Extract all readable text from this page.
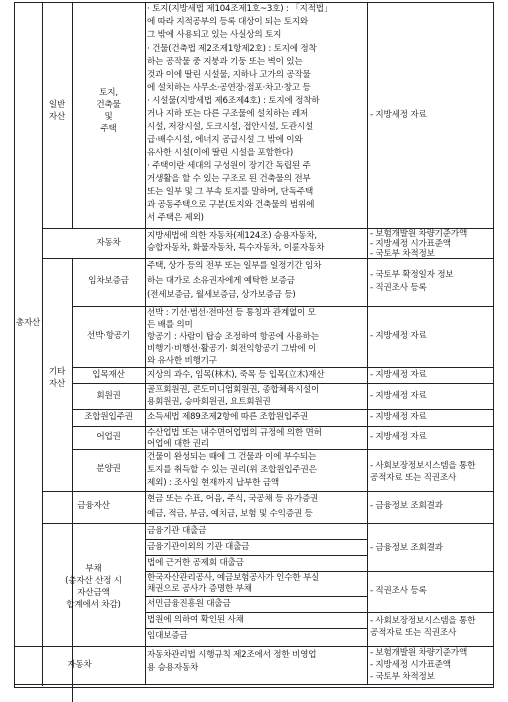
총자산
자동차
일반
자산
기타
자산
토지,
건축물
및
주택
자동차
임차보증금
선박·항공기
입목재산
회원권
조합원입주권
어업권
분양권
금융자산
부채
(총자산 산정 시
자산금액
합계에서 차감)
· 토지(지방세법 제104조제1호~3호) : 「지적법」
에 따라 지적공부의 등록 대상이 되는 토지와
그 밖에 사용되고 있는 사실상의 토지
· 건물(건축법 제2조제1항제2호) : 토지에 정착
하는 공작물 중 지붕과 기둥 또는 벽이 있는
것과 이에 딸린 시설물, 지하나 고가의 공작물
에 설치하는 사무소·공연장·점포·차고·창고 등
· 시설물(지방세법 제6조제4호) : 토지에 정착하
거나 지하 또는 다른 구조물에 설치하는 레저
시설, 저장시설, 도크시설, 접안시설, 도관시설
급·배수시설, 에너지 공급시설 그 밖에 이와
유사한 시설(이에 딸린 시설을 포함한다)
· 주택이란 세대의 구성원이 장기간 독립된 주
거생활을 할 수 있는 구조로 된 건축물의 전부
또는 일부 및 그 부속 토지를 말하며, 단독주택
과 공동주택으로 구분(토지와 건축물의 범위에
서 주택은 제외)
지방세법에 의한 자동차(제124조) 승용자동차,
승합자동차, 화물자동차, 특수자동차, 이륜자동차
주택, 상가 등의 전부 또는 일부를 일정기간 임차
하는 대가로 소유권자에게 예탁한 보증금
(전세보증금, 월세보증금, 상가보증금 등)
선박 : 기선·범선·전마선 등 통칭과 관계없이 모
든 배를 의미
항공기 : 사람이 탑승 조정하여 항공에 사용하는
비행기·비행선·활공기· 회전익항공기 그밖에 이
와 유사한 비행기구
지상의 과수, 임목(林木), 죽목 등 입목(立木)재산
골프회원권, 콘도미니엄회원권, 종합체육시설이
용회원권, 승마회원권, 요트회원권
소득세법 제89조제2항에 따른 조합원입주권
수산업법 또는 내수면어업법의 규정에 의한 면허
어업에 대한 권리
건물이 완성되는 때에 그 건물과 이에 부수되는
토지를 취득할 수 있는 권리(위 조합원입주권은
제외) : 조사일 현재까지 납부한 금액
현금 또는 수표, 어음, 주식, 국공채 등 유가증권
예금, 적금, 부금, 예치금, 보험 및 수익증권 등
금융기관 대출금
금융기관이외의 기관 대출금
법에 근거한 공제회 대출금
한국자산관리공사, 예금보험공사가 인수한 부실
채권으로 공사가 증명한 부채
서민금융진흥원 대출금
법원에 의하여 확인된 사채
임대보증금
자동차관리법 시행규칙 제2조에서 정한 비영업
용 승용자동차
- 지방세정 자료
- 보험개발원 차량기준가액
- 지방세정 시가표준액
- 국토부 차적정보
- 국토부 확정일자 정보
- 직권조사 등록
- 지방세정 자료
- 지방세정 자료
- 지방세정 자료
- 지방세정 자료
- 지방세정 자료
- 사회보장정보시스템을 통한
공적자료 또는 직권조사
- 금융정보 조회결과
- 금융정보 조회결과
- 직권조사 등록
- 사회보장정보시스템을 통한
공적자료 또는 직권조사
- 보험개발원 차량기준가액
- 지방세정 시가표준액
- 국토부 차적정보
